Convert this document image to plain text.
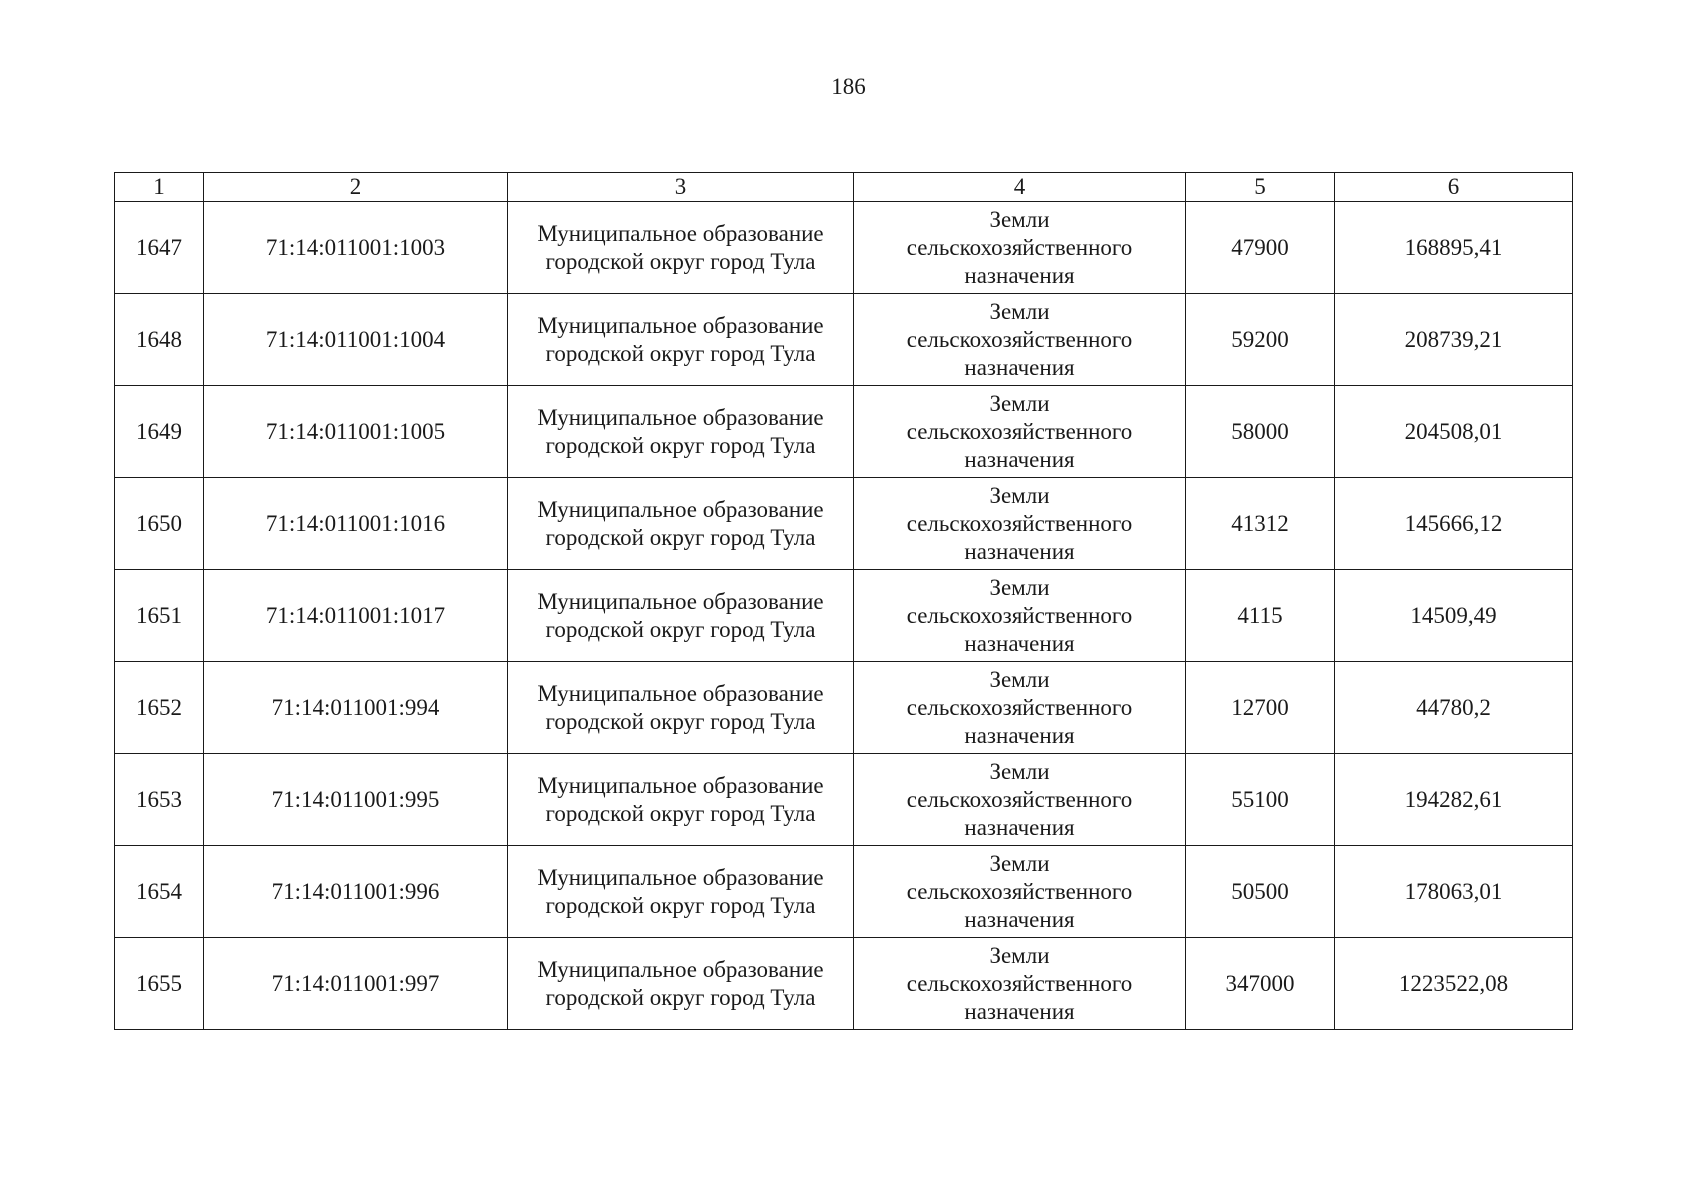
186
1	2	3	4	5	6
1647	71:14:011001:1003	Муниципальное образование
городской округ город Тула	Земли
сельскохозяйственного
назначения	47900	168895,41
1648	71:14:011001:1004	Муниципальное образование
городской округ город Тула	Земли
сельскохозяйственного
назначения	59200	208739,21
1649	71:14:011001:1005	Муниципальное образование
городской округ город Тула	Земли
сельскохозяйственного
назначения	58000	204508,01
1650	71:14:011001:1016	Муниципальное образование
городской округ город Тула	Земли
сельскохозяйственного
назначения	41312	145666,12
1651	71:14:011001:1017	Муниципальное образование
городской округ город Тула	Земли
сельскохозяйственного
назначения	4115	14509,49
1652	71:14:011001:994	Муниципальное образование
городской округ город Тула	Земли
сельскохозяйственного
назначения	12700	44780,2
1653	71:14:011001:995	Муниципальное образование
городской округ город Тула	Земли
сельскохозяйственного
назначения	55100	194282,61
1654	71:14:011001:996	Муниципальное образование
городской округ город Тула	Земли
сельскохозяйственного
назначения	50500	178063,01
1655	71:14:011001:997	Муниципальное образование
городской округ город Тула	Земли
сельскохозяйственного
назначения	347000	1223522,08
